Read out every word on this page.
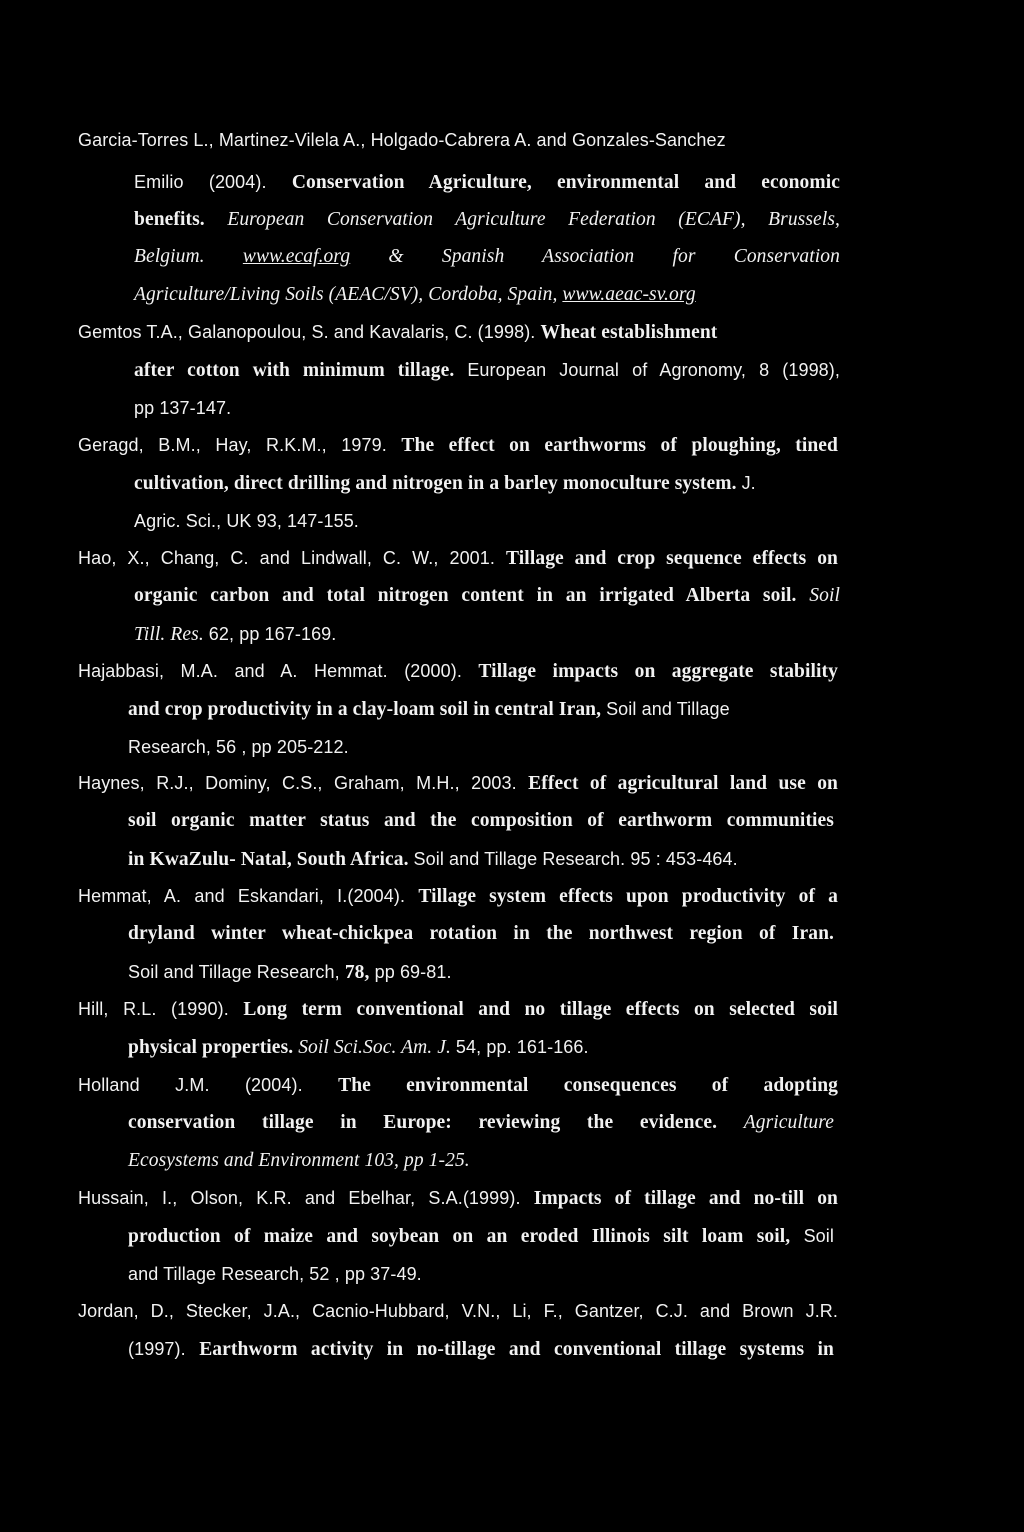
Garcia-Torres L., Martinez-Vilela A., Holgado-Cabrera A. and Gonzales-Sanchez
Emilio (2004). Conservation Agriculture, environmental and economic
benefits. European Conservation Agriculture Federation (ECAF), Brussels,
Belgium. www.ecaf.org & Spanish Association for Conservation
Agriculture/Living Soils (AEAC/SV), Cordoba, Spain, www.aeac-sv.org
Gemtos T.A., Galanopoulou, S. and Kavalaris, C. (1998). Wheat establishment
after cotton with minimum tillage. European Journal of Agronomy, 8 (1998),
pp 137-147.
Geragd, B.M., Hay, R.K.M., 1979. The effect on earthworms of ploughing, tined
cultivation, direct drilling and nitrogen in a barley monoculture system. J.
Agric. Sci., UK 93, 147-155.
Hao, X., Chang, C. and Lindwall, C. W., 2001. Tillage and crop sequence effects on
organic carbon and total nitrogen content in an irrigated Alberta soil. Soil
Till. Res. 62, pp 167-169.
Hajabbasi, M.A. and A. Hemmat. (2000). Tillage impacts on aggregate stability
and crop productivity in a clay-loam soil in central Iran, Soil and Tillage
Research, 56 , pp 205-212.
Haynes, R.J., Dominy, C.S., Graham, M.H., 2003. Effect of agricultural land use on
soil organic matter status and the composition of earthworm communities
in KwaZulu- Natal, South Africa. Soil and Tillage Research. 95 : 453-464.
Hemmat, A. and Eskandari, I.(2004). Tillage system effects upon productivity of a
dryland winter wheat-chickpea rotation in the northwest region of Iran.
Soil and Tillage Research, 78, pp 69-81.
Hill, R.L. (1990). Long term conventional and no tillage effects on selected soil
physical properties. Soil Sci.Soc. Am. J. 54, pp. 161-166.
Holland J.M. (2004). The environmental consequences of adopting
conservation tillage in Europe: reviewing the evidence. Agriculture
Ecosystems and Environment 103, pp 1-25.
Hussain, I., Olson, K.R. and Ebelhar, S.A.(1999). Impacts of tillage and no-till on
production of maize and soybean on an eroded Illinois silt loam soil, Soil
and Tillage Research, 52 , pp 37-49.
Jordan, D., Stecker, J.A., Cacnio-Hubbard, V.N., Li, F., Gantzer, C.J. and Brown J.R.
(1997). Earthworm activity in no-tillage and conventional tillage systems in
